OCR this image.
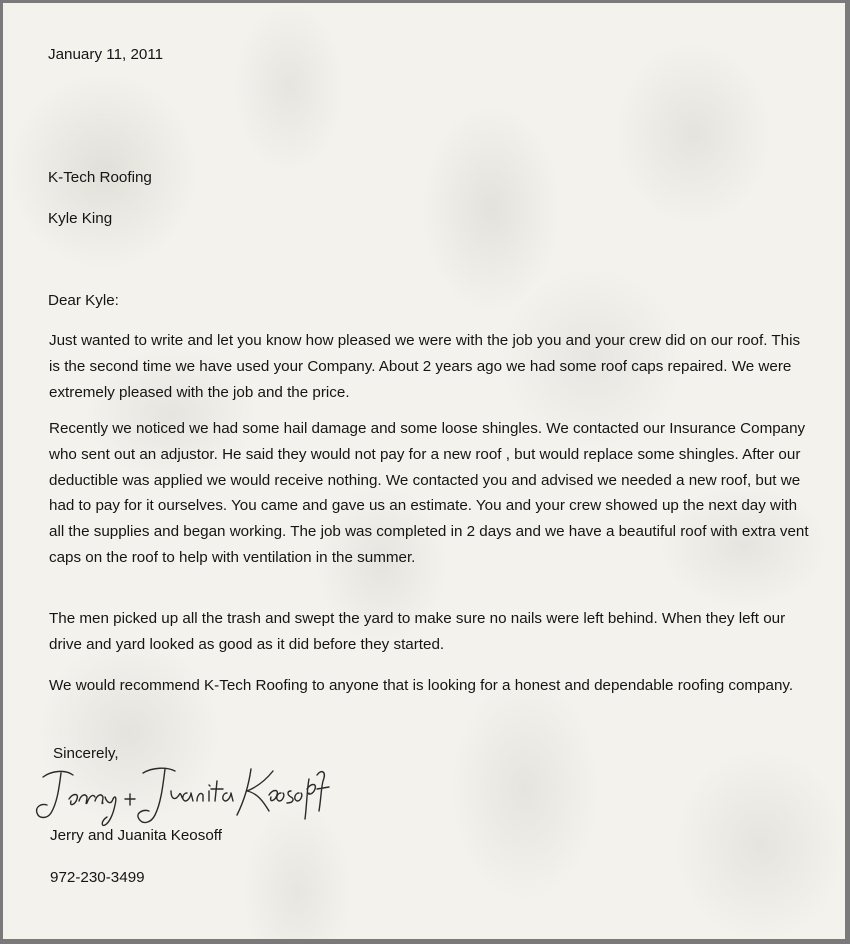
January 11, 2011
K-Tech Roofing
Kyle King
Dear Kyle:

Just wanted to write and let you know how pleased we were with the job you and your crew did on our roof. This is the second time we have used your Company. About 2 years ago we had some roof caps repaired. We were extremely pleased with the job and the price.

Recently we noticed we had some hail damage and some loose shingles. We contacted our Insurance Company who sent out an adjustor. He said they would not pay for a new roof , but would replace some shingles. After our deductible was applied we would receive nothing. We contacted you and advised we needed a new roof, but we had to pay for it ourselves. You came and gave us an estimate. You and your crew showed up the next day with all the supplies and began working. The job was completed in 2 days and we have a beautiful roof with extra vent caps on the roof to help with ventilation in the summer.

The men picked up all the trash and swept the yard to make sure no nails were left behind. When they left our drive and yard looked as good as it did before they started.

We would recommend K-Tech Roofing to anyone that is looking for a honest and dependable roofing company.

Sincerely,
Jerry and Juanita Keosoff
972-230-3499
